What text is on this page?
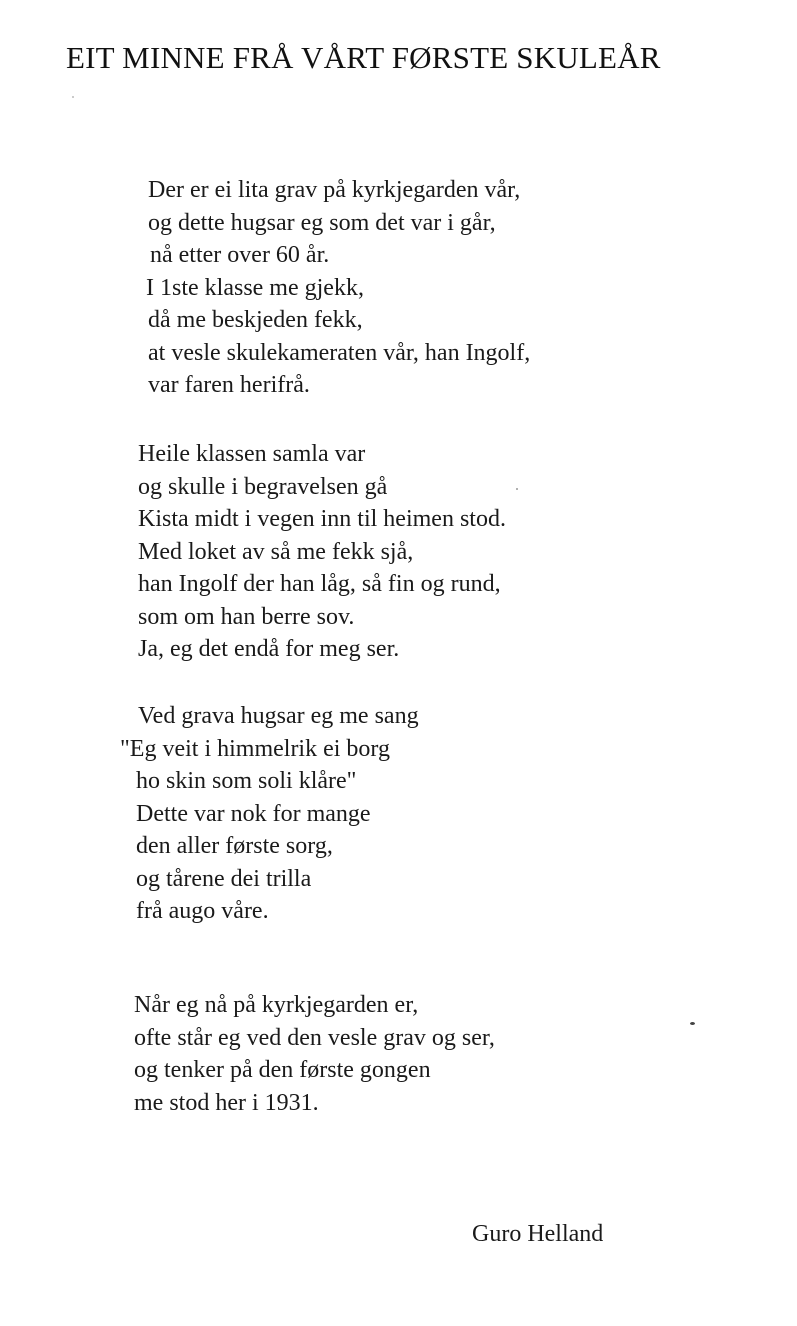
EIT MINNE FRÅ VÅRT FØRSTE SKULEÅR
Der er ei lita grav på kyrkjegarden vår,
og dette hugsar eg som det var i går,
nå etter over 60 år.
I 1ste klasse me gjekk,
då me beskjeden fekk,
at vesle skulekameraten vår, han Ingolf,
var faren herifrå.
Heile klassen samla var
og skulle i begravelsen gå
Kista midt i vegen inn til heimen stod.
Med loket av så me fekk sjå,
han Ingolf der han låg, så fin og rund,
som om han berre sov.
Ja, eg det endå for meg ser.
Ved grava hugsar eg me sang
"Eg veit i himmelrik ei borg
ho skin som soli klåre"
Dette var nok for mange
den aller første sorg,
og tårene dei trilla
frå augo våre.
Når eg nå på kyrkjegarden er,
ofte står eg ved den vesle grav og ser,
og tenker på den første gongen
me stod her i 1931.
Guro Helland
